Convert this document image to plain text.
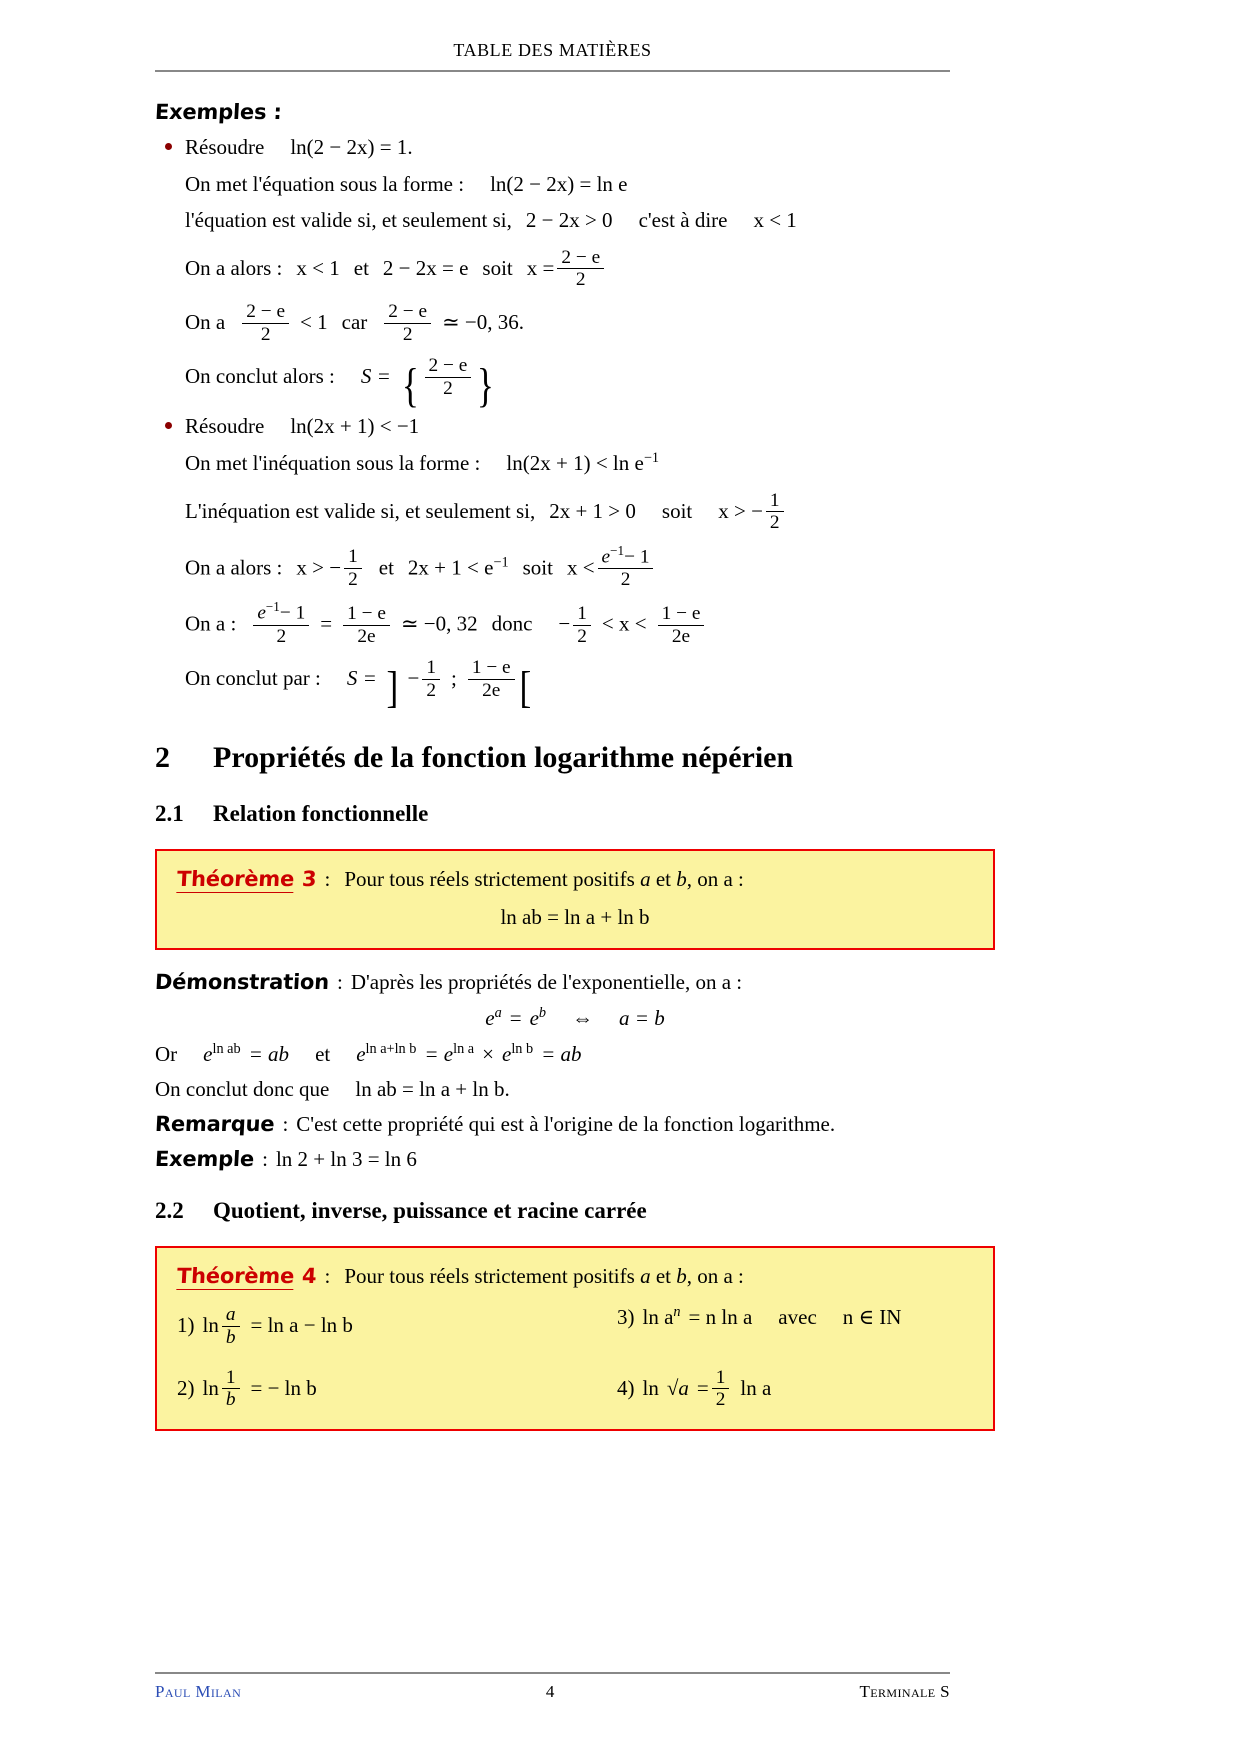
TABLE DES MATIÈRES
Exemples :
Résoudre ln(2 − 2x) = 1.
On met l'équation sous la forme : ln(2 − 2x) = ln e
l'équation est valide si, et seulement si, 2 − 2x > 0 c'est à dire x < 1
On a alors : x < 1 et 2 − 2x = e soit $x = \frac{2 - e}{2}$
On a $\frac{2 - e}{2} < 1$ car $\frac{2 - e}{2}$ ≃ −0, 36.
On conclut alors : S = { $\frac{2 - e}{2}$ }
Résoudre ln(2x + 1) < −1
On met l'inéquation sous la forme : $\ln(2x + 1) < \ln e^{-1}$
L'inéquation est valide si, et seulement si, 2x + 1 > 0 soit x > − $\frac{1}{2}$
On a alors : x > − $\frac{1}{2}$ et $2x + 1 < e^{-1}$ soit $x < \frac{e^{-1}- 1}{2}$
On a : $\frac{e^{-1}- 1}{2} = \frac{1 - e}{2e}$ ≃ −0, 32 donc − $\frac{1}{2} < x < \frac{1 - e}{2e}$
On conclut par : S = ] − $\frac{1}{2}$ ; $\frac{1 - e}{2e}$ [
2 Propriétés de la fonction logarithme népérien
2.1 Relation fonctionnelle
Théorème 3 : Pour tous réels strictement positifs a et b, on a :
ln ab = ln a + ln b
Démonstration : D'après les propriétés de l'exponentielle, on a :
$e^a = e^b$ ⇔ a = b
Or $e^{ln ab}$ = ab et $e^{ln a+ln b} = e^{ln a} \times e^{ln b}$ = ab
On conclut donc que ln ab = ln a + ln b.
Remarque : C'est cette propriété qui est à l'origine de la fonction logarithme.
Exemple : ln 2 + ln 3 = ln 6
2.2 Quotient, inverse, puissance et racine carrée
Théorème 4 : Pour tous réels strictement positifs a et b, on a :
1) $\ln \frac{a}{b} = \ln a - \ln b$	3) $\ln a^n = n$ ln a avec n ∈ IN
2) $\ln \frac{1}{b}$ = − ln b	4) $\ln √a = \frac{1}{2}$ ln a
Paul Milan	4	Terminale S
